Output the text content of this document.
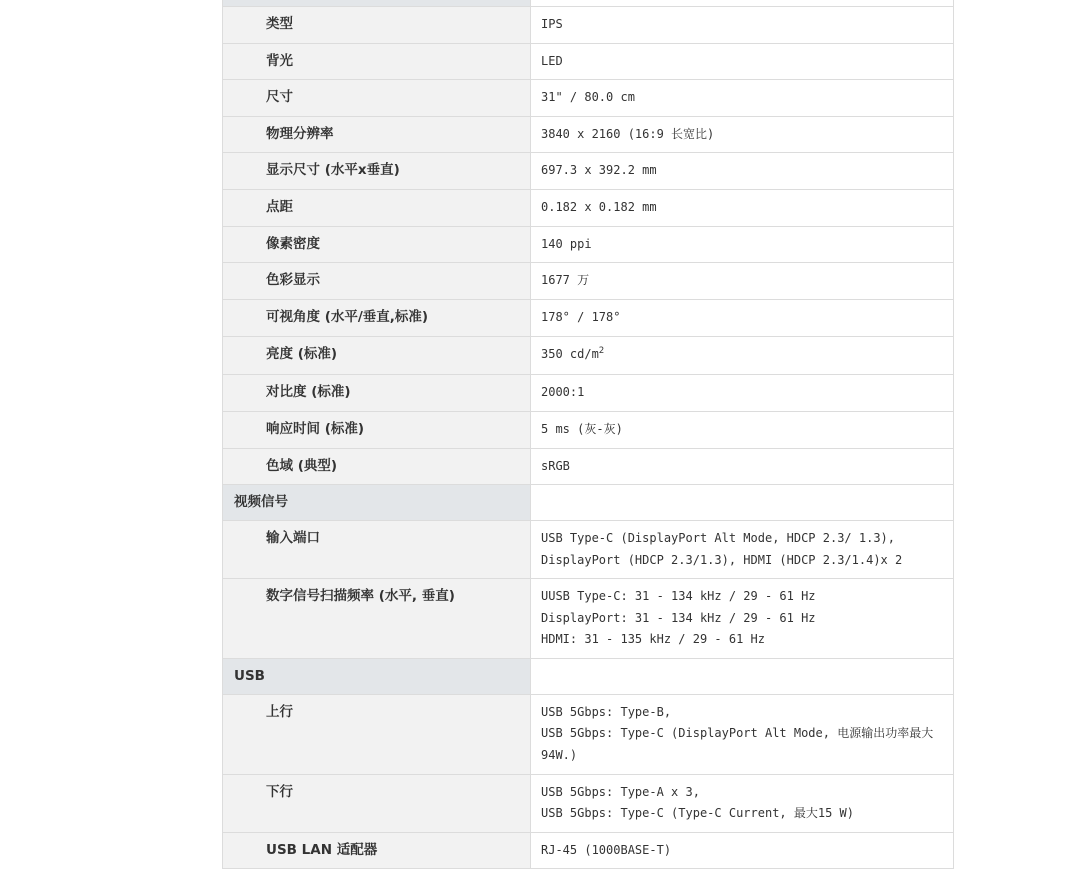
类型	IPS

背光	LED

尺寸	31" / 80.0 cm

物理分辨率	3840 x 2160 (16:9 长宽比)

显示尺寸 (水平x垂直)	697.3 x 392.2 mm

点距	0.182 x 0.182 mm

像素密度	140 ppi

色彩显示	1677 万

可视角度 (水平/垂直,标准)	178° / 178°

亮度 (标准)	350 $cd/m^2$

对比度 (标准)	2000:1

响应时间 (标准)	5 ms (灰-灰)

色域 (典型)	sRGB

视频信号	

输入端口	USB Type-C (DisplayPort Alt Mode, HDCP 2.3/ 1.3),
DisplayPort (HDCP 2.3/1.3), HDMI (HDCP 2.3/1.4)x 2

数字信号扫描频率 (水平, 垂直)	UUSB Type-C: 31 - 134 kHz / 29 - 61 Hz
DisplayPort: 31 - 134 kHz / 29 - 61 Hz
HDMI: 31 - 135 kHz / 29 - 61 Hz

USB	

上行	USB 5Gbps: Type-B,
USB 5Gbps: Type-C (DisplayPort Alt Mode, 电源输出功率最大94W.)

下行	USB 5Gbps: Type-A x 3,
USB 5Gbps: Type-C (Type-C Current, 最大15 W)

USB LAN 适配器	RJ-45 (1000BASE-T)
